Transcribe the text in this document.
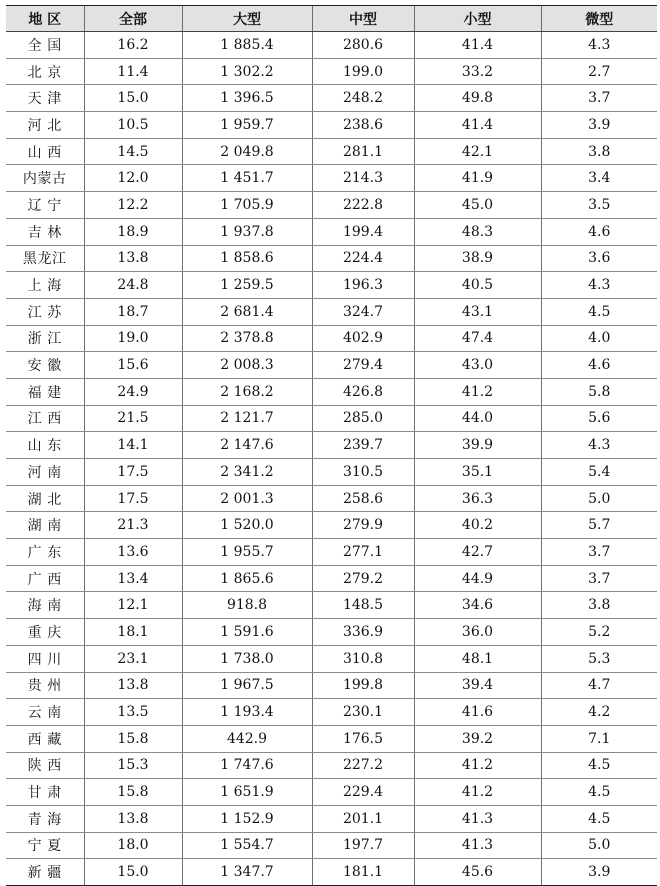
地 区	全部	大型	中型	小型	微型
全 国	16.2	1 885.4	280.6	41.4	4.3
北 京	11.4	1 302.2	199.0	33.2	2.7
天 津	15.0	1 396.5	248.2	49.8	3.7
河 北	10.5	1 959.7	238.6	41.4	3.9
山 西	14.5	2 049.8	281.1	42.1	3.8
内蒙古	12.0	1 451.7	214.3	41.9	3.4
辽 宁	12.2	1 705.9	222.8	45.0	3.5
吉 林	18.9	1 937.8	199.4	48.3	4.6
黑龙江	13.8	1 858.6	224.4	38.9	3.6
上 海	24.8	1 259.5	196.3	40.5	4.3
江 苏	18.7	2 681.4	324.7	43.1	4.5
浙 江	19.0	2 378.8	402.9	47.4	4.0
安 徽	15.6	2 008.3	279.4	43.0	4.6
福 建	24.9	2 168.2	426.8	41.2	5.8
江 西	21.5	2 121.7	285.0	44.0	5.6
山 东	14.1	2 147.6	239.7	39.9	4.3
河 南	17.5	2 341.2	310.5	35.1	5.4
湖 北	17.5	2 001.3	258.6	36.3	5.0
湖 南	21.3	1 520.0	279.9	40.2	5.7
广 东	13.6	1 955.7	277.1	42.7	3.7
广 西	13.4	1 865.6	279.2	44.9	3.7
海 南	12.1	918.8	148.5	34.6	3.8
重 庆	18.1	1 591.6	336.9	36.0	5.2
四 川	23.1	1 738.0	310.8	48.1	5.3
贵 州	13.8	1 967.5	199.8	39.4	4.7
云 南	13.5	1 193.4	230.1	41.6	4.2
西 藏	15.8	442.9	176.5	39.2	7.1
陕 西	15.3	1 747.6	227.2	41.2	4.5
甘 肃	15.8	1 651.9	229.4	41.2	4.5
青 海	13.8	1 152.9	201.1	41.3	4.5
宁 夏	18.0	1 554.7	197.7	41.3	5.0
新 疆	15.0	1 347.7	181.1	45.6	3.9
